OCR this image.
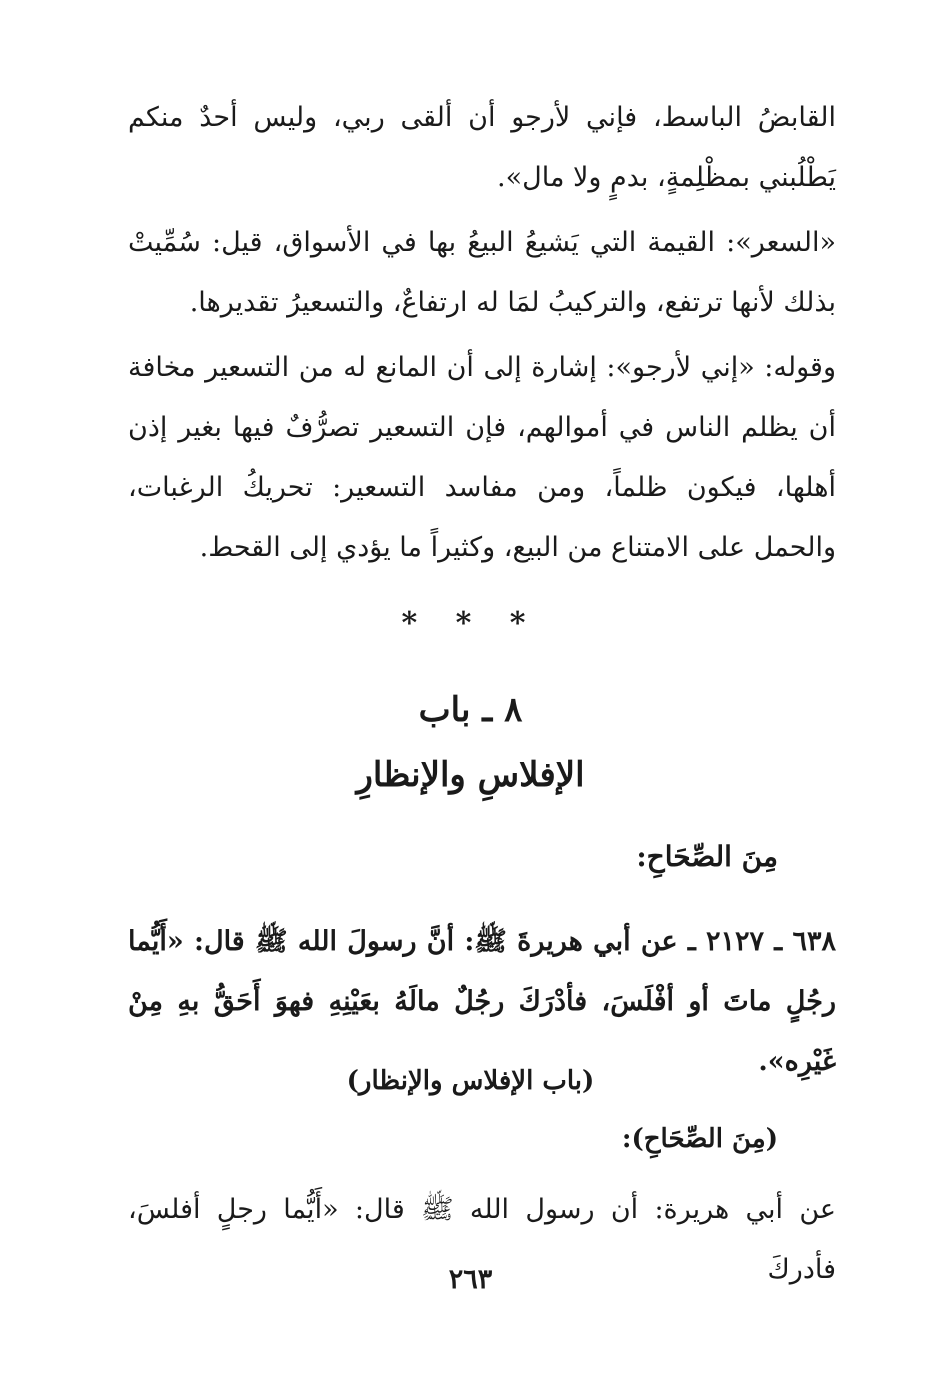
القابضُ الباسط، فإني لأرجو أن ألقى ربي، وليس أحدٌ منكم يَطْلُبني بمظْلِمةٍ، بدمٍ ولا مال».

«السعر»: القيمة التي يَشيعُ البيعُ بها في الأسواق، قيل: سُمِّيتْ بذلك لأنها ترتفع، والتركيبُ لمَا له ارتفاعٌ، والتسعيرُ تقديرها.

وقوله: «إني لأرجو»: إشارة إلى أن المانع له من التسعير مخافة أن يظلم الناس في أموالهم، فإن التسعير تصرُّفٌ فيها بغير إذن أهلها، فيكون ظلماً، ومن مفاسد التسعير: تحريكُ الرغبات، والحمل على الامتناع من البيع، وكثيراً ما يؤدي إلى القحط.

* * *
٨ ـ باب
الإفلاسِ والإنظارِ

مِنَ الصِّحَاحِ:

٦٣٨ ـ ٢١٢٧ ـ عن أبي هريرةَ ﷺ: أنَّ رسولَ الله ﷺ قال: «أَيُّما رجُلٍ ماتَ أو أفْلَسَ، فأدْرَكَ رجُلٌ مالَهُ بعَيْنِهِ فهوَ أَحَقُّ بهِ مِنْ غَيْرِه».

(باب الإفلاس والإنظار)

(مِنَ الصِّحَاحِ):

عن أبي هريرة: أن رسول الله ﷺ قال: «أَيُّما رجلٍ أفلسَ، فأدركَ

٢٦٣
